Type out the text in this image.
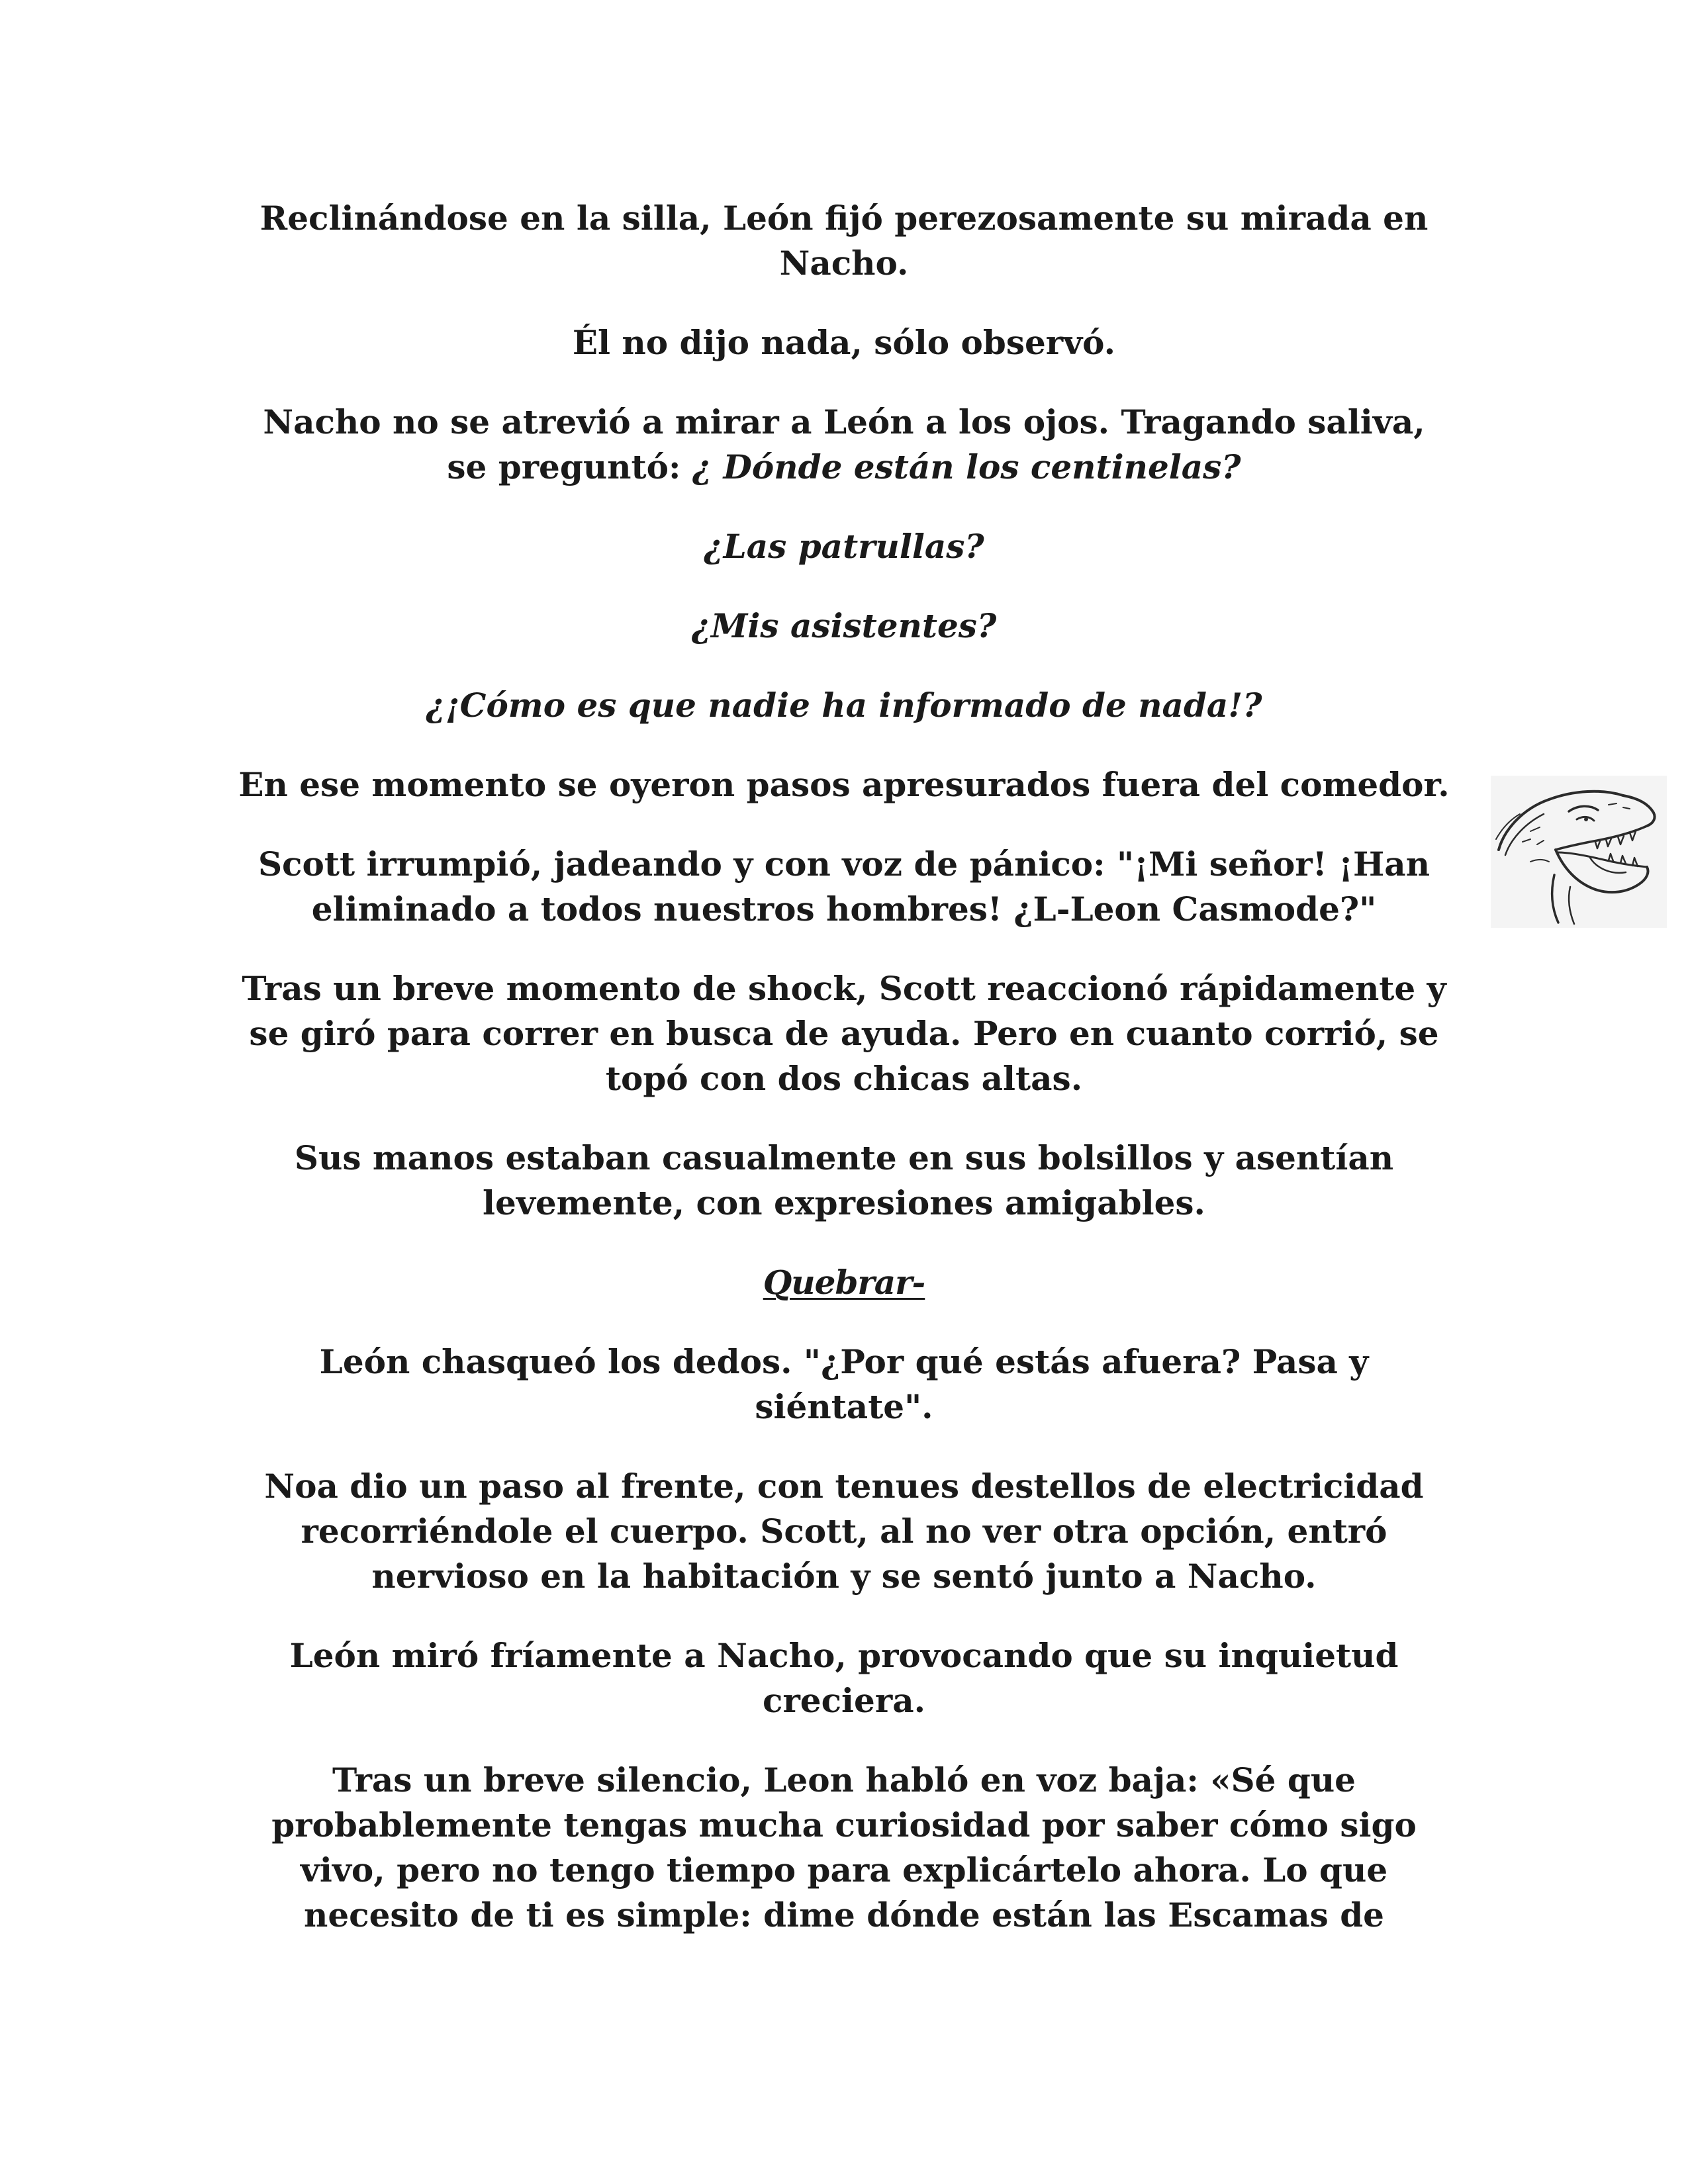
Reclinándose en la silla, León fijó perezosamente su mirada en Nacho.

Él no dijo nada, sólo observó.

Nacho no se atrevió a mirar a León a los ojos. Tragando saliva, se preguntó: ¿ Dónde están los centinelas?

¿Las patrullas?

¿Mis asistentes?

¿¡Cómo es que nadie ha informado de nada!?

En ese momento se oyeron pasos apresurados fuera del comedor.

Scott irrumpió, jadeando y con voz de pánico: "¡Mi señor! ¡Han eliminado a todos nuestros hombres! ¿L-Leon Casmode?"

Tras un breve momento de shock, Scott reaccionó rápidamente y se giró para correr en busca de ayuda. Pero en cuanto corrió, se topó con dos chicas altas.

Sus manos estaban casualmente en sus bolsillos y asentían levemente, con expresiones amigables.

Quebrar-

León chasqueó los dedos. "¿Por qué estás afuera? Pasa y siéntate".

Noa dio un paso al frente, con tenues destellos de electricidad recorriéndole el cuerpo. Scott, al no ver otra opción, entró nervioso en la habitación y se sentó junto a Nacho.

León miró fríamente a Nacho, provocando que su inquietud creciera.

Tras un breve silencio, Leon habló en voz baja: «Sé que probablemente tengas mucha curiosidad por saber cómo sigo vivo, pero no tengo tiempo para explicártelo ahora. Lo que necesito de ti es simple: dime dónde están las Escamas de
